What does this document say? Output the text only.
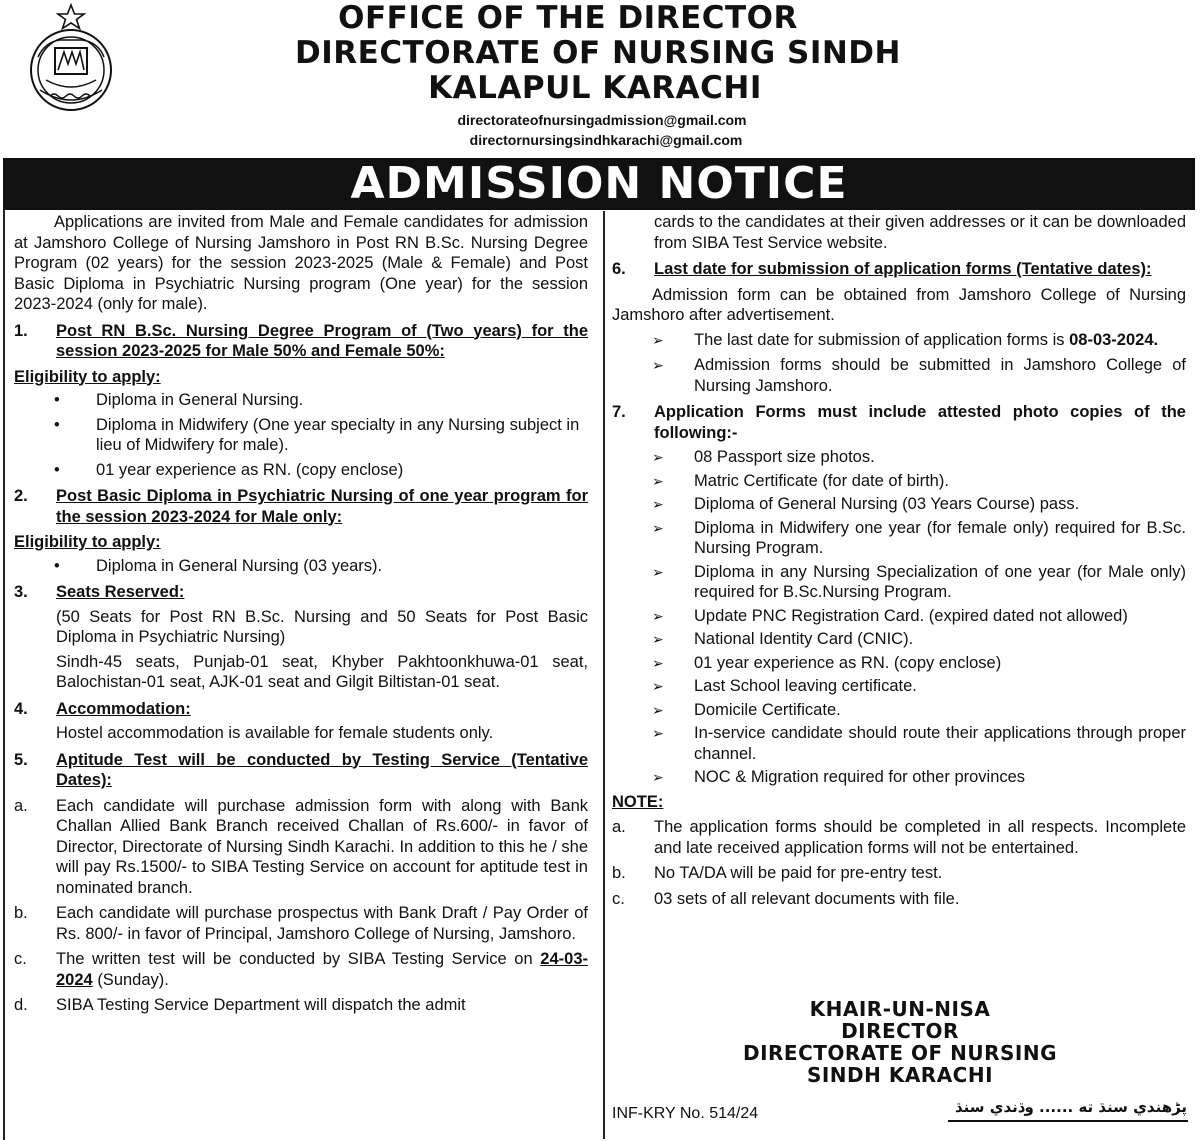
OFFICE OF THE DIRECTOR
DIRECTORATE OF NURSING SINDH
KALAPUL KARACHI
directorateofnursingadmission@gmail.com
directornursingsindhkarachi@gmail.com
ADMISSION NOTICE

Applications are invited from Male and Female candidates for admission at Jamshoro College of Nursing Jamshoro in Post RN B.Sc. Nursing Degree Program (02 years) for the session 2023-2025 (Male & Female) and Post Basic Diploma in Psychiatric Nursing program (One year) for the session 2023-2024 (only for male).

1.	Post RN B.Sc. Nursing Degree Program of (Two years) for the session 2023-2025 for Male 50% and Female 50%:
Eligibility to apply:
•	Diploma in General Nursing.
•	Diploma in Midwifery (One year specialty in any Nursing subject in lieu of Midwifery for male).
•	01 year experience as RN. (copy enclose)
2.	Post Basic Diploma in Psychiatric Nursing of one year program for the session 2023-2024 for Male only:
Eligibility to apply:
•	Diploma in General Nursing (03 years).
3.	Seats Reserved:

(50 Seats for Post RN B.Sc. Nursing and 50 Seats for Post Basic Diploma in Psychiatric Nursing)

Sindh-45 seats, Punjab-01 seat, Khyber Pakhtoonkhuwa-01 seat, Balochistan-01 seat, AJK-01 seat and Gilgit Biltistan-01 seat.

4.	Accommodation:

Hostel accommodation is available for female students only.

5.	Aptitude Test will be conducted by Testing Service (Tentative Dates):
a.	Each candidate will purchase admission form with along with Bank Challan Allied Bank Branch received Challan of Rs.600/- in favor of Director, Directorate of Nursing Sindh Karachi. In addition to this he / she will pay Rs.1500/- to SIBA Testing Service on account for aptitude test in nominated branch.
b.	Each candidate will purchase prospectus with Bank Draft / Pay Order of Rs. 800/- in favor of Principal, Jamshoro College of Nursing, Jamshoro.
c.	The written test will be conducted by SIBA Testing Service on 24-03-2024 (Sunday).
d.	SIBA Testing Service Department will dispatch the admit

cards to the candidates at their given addresses or it can be downloaded from SIBA Test Service website.

6.	Last date for submission of application forms (Tentative dates):

Admission form can be obtained from Jamshoro College of Nursing Jamshoro after advertisement.

➢	The last date for submission of application forms is 08-03-2024.
➢	Admission forms should be submitted in Jamshoro College of Nursing Jamshoro.
7.	Application Forms must include attested photo copies of the following:-
➢	08 Passport size photos.
➢	Matric Certificate (for date of birth).
➢	Diploma of General Nursing (03 Years Course) pass.
➢	Diploma in Midwifery one year (for female only) required for B.Sc. Nursing Program.
➢	Diploma in any Nursing Specialization of one year (for Male only) required for B.Sc.Nursing Program.
➢	Update PNC Registration Card. (expired dated not allowed)
➢	National Identity Card (CNIC).
➢	01 year experience as RN. (copy enclose)
➢	Last School leaving certificate.
➢	Domicile Certificate.
➢	In-service candidate should route their applications through proper channel.
➢	NOC & Migration required for other provinces
NOTE:
a.	The application forms should be completed in all respects. Incomplete and late received application forms will not be entertained.
b.	No TA/DA will be paid for pre-entry test.
c.	03 sets of all relevant documents with file.
KHAIR-UN-NISA
DIRECTOR
DIRECTORATE OF NURSING
SINDH KARACHI
INF-KRY No. 514/24	پڑھندي سنڌ ته ...... وڌندي سنڌ
